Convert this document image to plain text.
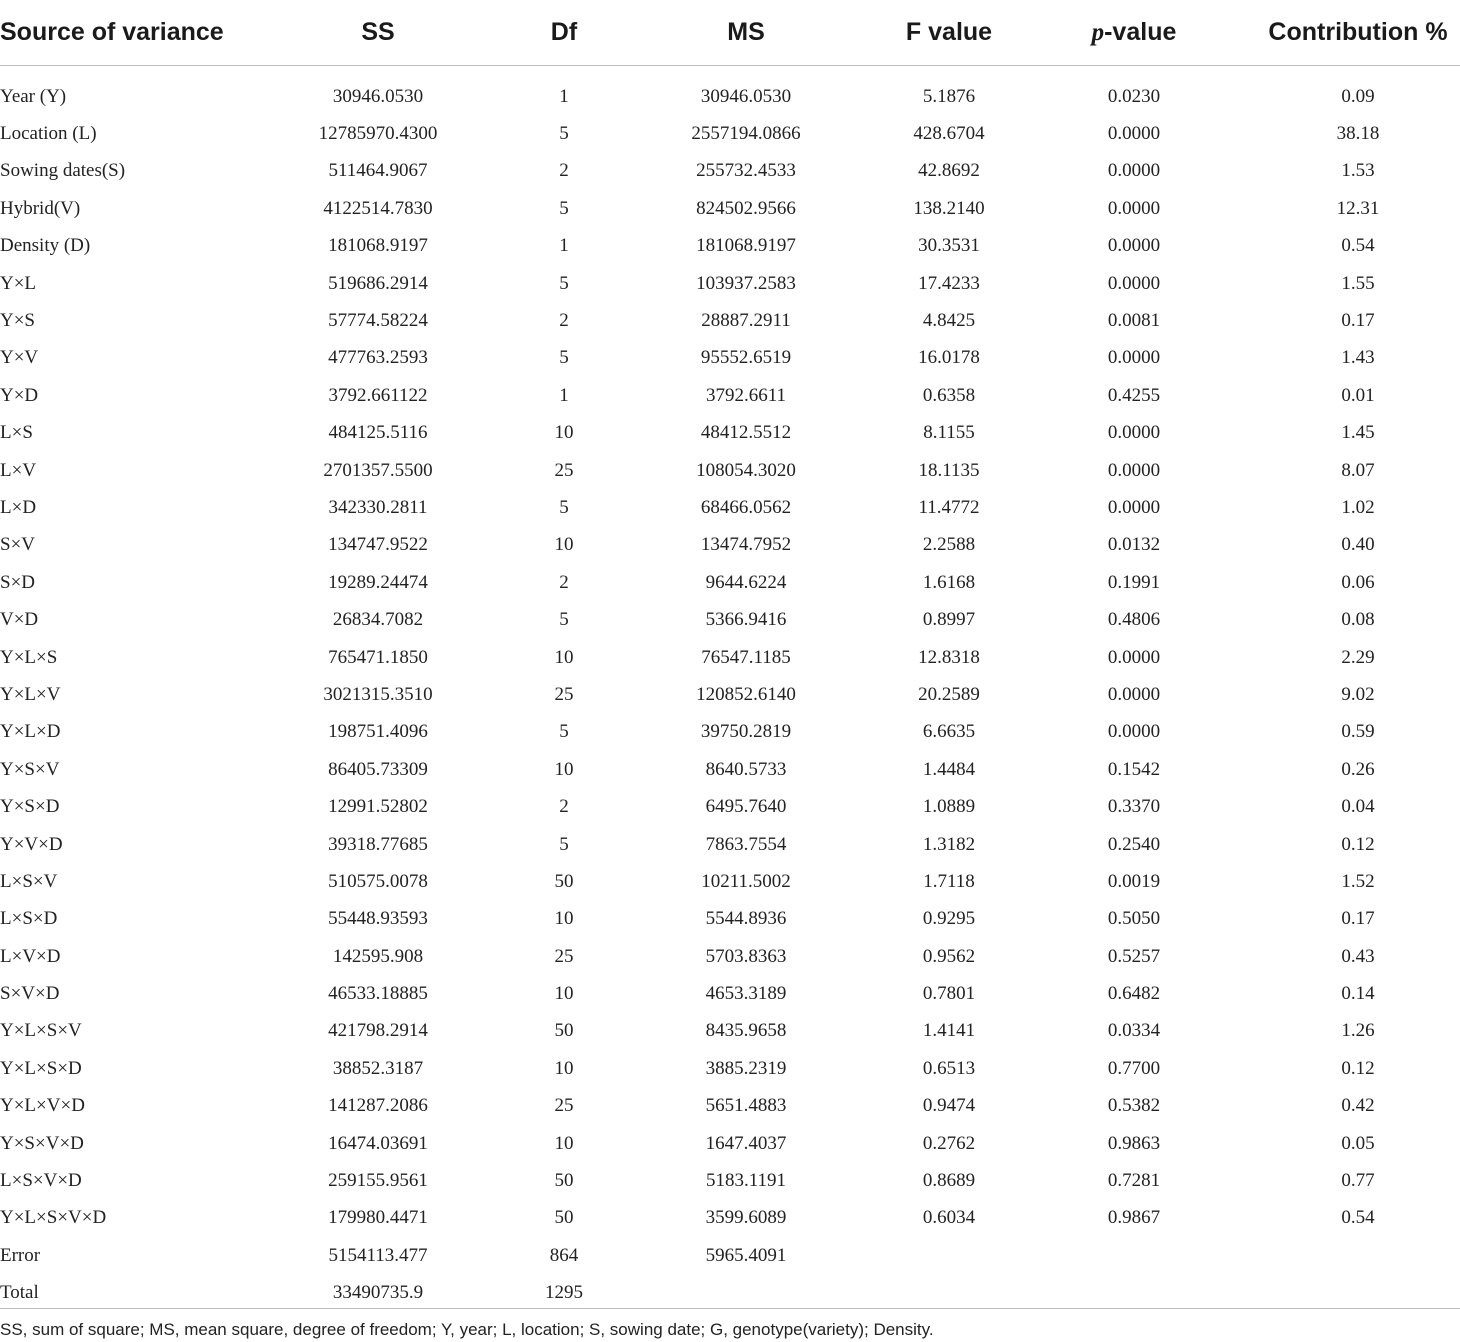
Source of variance	SS	Df	MS	F value	p-value	Contribution %
Year (Y)	30946.0530	1	30946.0530	5.1876	0.0230	0.09
Location (L)	12785970.4300	5	2557194.0866	428.6704	0.0000	38.18
Sowing dates(S)	511464.9067	2	255732.4533	42.8692	0.0000	1.53
Hybrid(V)	4122514.7830	5	824502.9566	138.2140	0.0000	12.31
Density (D)	181068.9197	1	181068.9197	30.3531	0.0000	0.54
Y×L	519686.2914	5	103937.2583	17.4233	0.0000	1.55
Y×S	57774.58224	2	28887.2911	4.8425	0.0081	0.17
Y×V	477763.2593	5	95552.6519	16.0178	0.0000	1.43
Y×D	3792.661122	1	3792.6611	0.6358	0.4255	0.01
L×S	484125.5116	10	48412.5512	8.1155	0.0000	1.45
L×V	2701357.5500	25	108054.3020	18.1135	0.0000	8.07
L×D	342330.2811	5	68466.0562	11.4772	0.0000	1.02
S×V	134747.9522	10	13474.7952	2.2588	0.0132	0.40
S×D	19289.24474	2	9644.6224	1.6168	0.1991	0.06
V×D	26834.7082	5	5366.9416	0.8997	0.4806	0.08
Y×L×S	765471.1850	10	76547.1185	12.8318	0.0000	2.29
Y×L×V	3021315.3510	25	120852.6140	20.2589	0.0000	9.02
Y×L×D	198751.4096	5	39750.2819	6.6635	0.0000	0.59
Y×S×V	86405.73309	10	8640.5733	1.4484	0.1542	0.26
Y×S×D	12991.52802	2	6495.7640	1.0889	0.3370	0.04
Y×V×D	39318.77685	5	7863.7554	1.3182	0.2540	0.12
L×S×V	510575.0078	50	10211.5002	1.7118	0.0019	1.52
L×S×D	55448.93593	10	5544.8936	0.9295	0.5050	0.17
L×V×D	142595.908	25	5703.8363	0.9562	0.5257	0.43
S×V×D	46533.18885	10	4653.3189	0.7801	0.6482	0.14
Y×L×S×V	421798.2914	50	8435.9658	1.4141	0.0334	1.26
Y×L×S×D	38852.3187	10	3885.2319	0.6513	0.7700	0.12
Y×L×V×D	141287.2086	25	5651.4883	0.9474	0.5382	0.42
Y×S×V×D	16474.03691	10	1647.4037	0.2762	0.9863	0.05
L×S×V×D	259155.9561	50	5183.1191	0.8689	0.7281	0.77
Y×L×S×V×D	179980.4471	50	3599.6089	0.6034	0.9867	0.54
Error	5154113.477	864	5965.4091			
Total	33490735.9	1295				
SS, sum of square; MS, mean square, degree of freedom; Y, year; L, location; S, sowing date; G, genotype(variety); Density.
